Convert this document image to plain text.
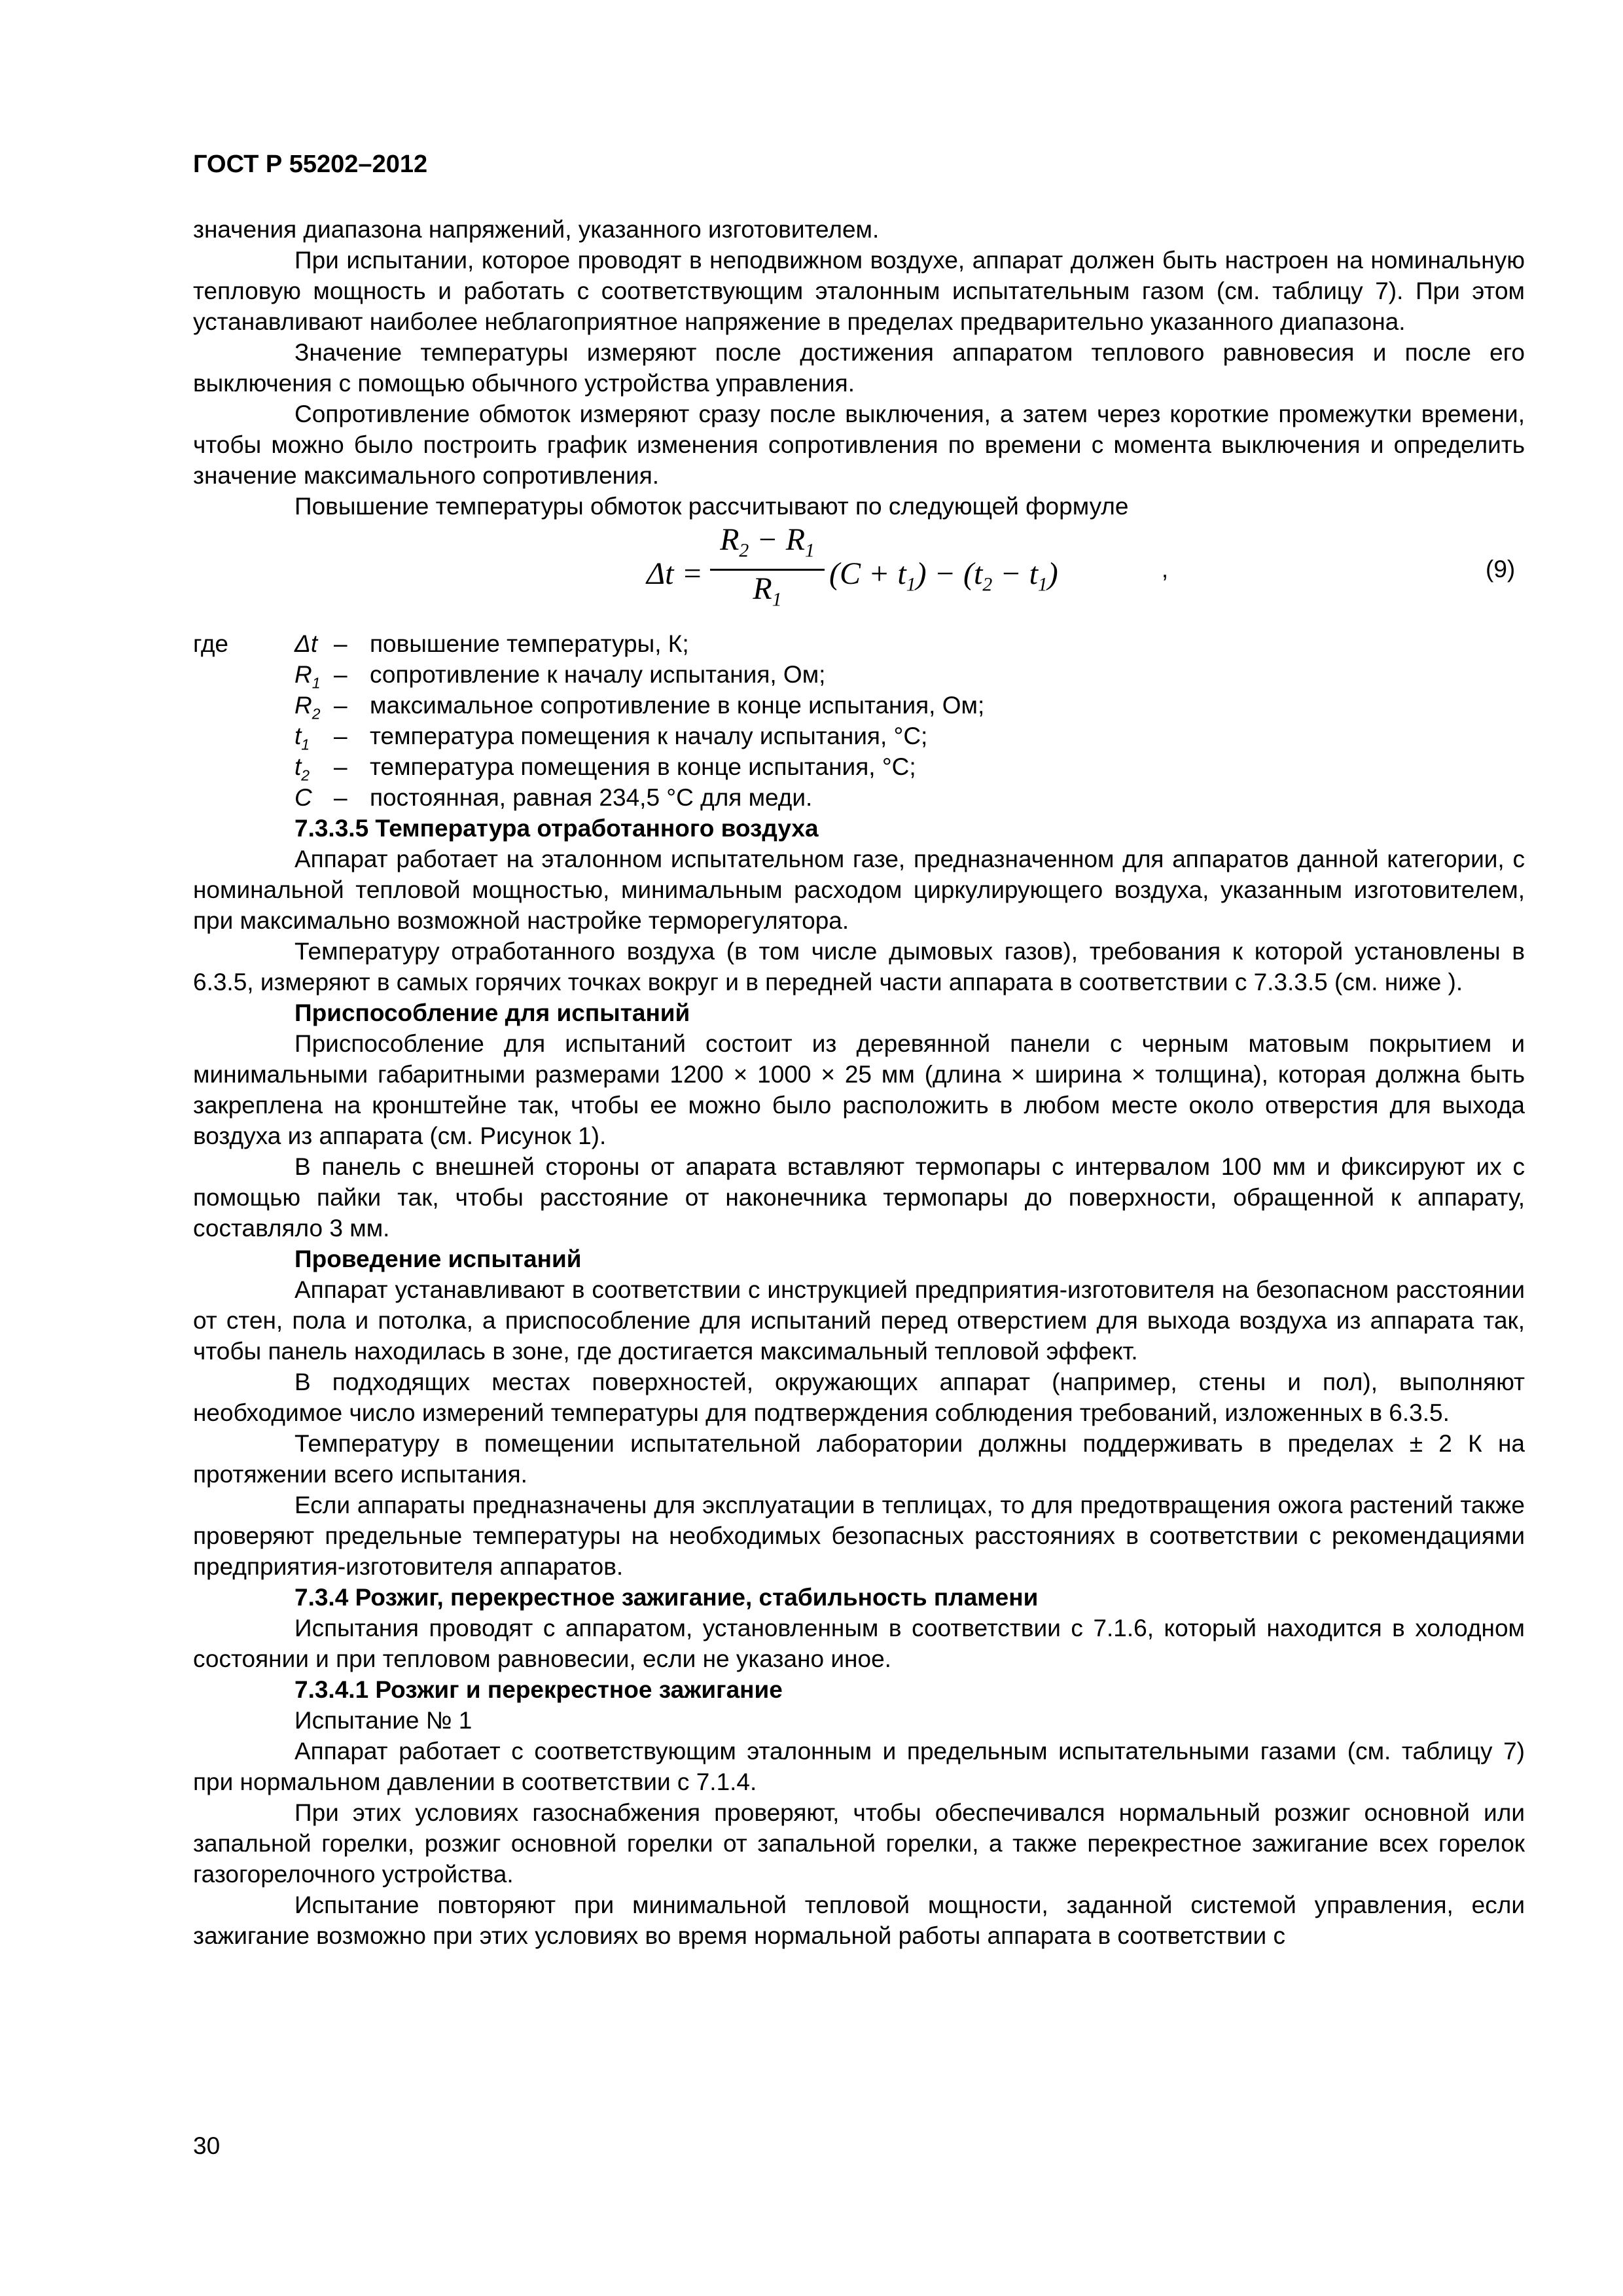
ГОСТ Р 55202–2012

значения диапазона напряжений, указанного изготовителем.

При испытании, которое проводят в неподвижном воздухе, аппарат должен быть настроен на номинальную тепловую мощность и работать с соответствующим эталонным испытательным газом (см. таблицу 7). При этом устанавливают наиболее неблагоприятное напряжение в пределах предварительно указанного диапазона.

Значение температуры измеряют после достижения аппаратом теплового равновесия и после его выключения с помощью обычного устройства управления.

Сопротивление обмоток измеряют сразу после выключения, а затем через короткие промежутки времени, чтобы можно было построить график изменения сопротивления по времени с момента выключения и определить значение максимального сопротивления.

Повышение температуры обмоток рассчитывают по следующей формуле

Δt =
$R_2 - R_1$
$R_1$
$(C + t_1) - (t_2 - t_1)$	,	(9)
где	Δt – повышение температуры, К;
$R_1$ – сопротивление к началу испытания, Ом;
$R_2$ – максимальное сопротивление в конце испытания, Ом;
$t_1$ – температура помещения к началу испытания, °С;
$t_2$ – температура помещения в конце испытания, °С;
C – постоянная, равная 234,5 °С для меди.

7.3.3.5 Температура отработанного воздуха

Аппарат работает на эталонном испытательном газе, предназначенном для аппаратов данной категории, с номинальной тепловой мощностью, минимальным расходом циркулирующего воздуха, указанным изготовителем, при максимально возможной настройке терморегулятора.

Температуру отработанного воздуха (в том числе дымовых газов), требования к которой установлены в 6.3.5, измеряют в самых горячих точках вокруг и в передней части аппарата в соответствии с 7.3.3.5 (см. ниже ).

Приспособление для испытаний

Приспособление для испытаний состоит из деревянной панели с черным матовым покрытием и минимальными габаритными размерами 1200 × 1000 × 25 мм (длина × ширина × толщина), которая должна быть закреплена на кронштейне так, чтобы ее можно было расположить в любом месте около отверстия для выхода воздуха из аппарата (см. Рисунок 1).

В панель с внешней стороны от апарата вставляют термопары с интервалом 100 мм и фиксируют их с помощью пайки так, чтобы расстояние от наконечника термопары до поверхности, обращенной к аппарату, составляло 3 мм.

Проведение испытаний

Аппарат устанавливают в соответствии с инструкцией предприятия-изготовителя на безопасном расстоянии от стен, пола и потолка, а приспособление для испытаний перед отверстием для выхода воздуха из аппарата так, чтобы панель находилась в зоне, где достигается максимальный тепловой эффект.

В подходящих местах поверхностей, окружающих аппарат (например, стены и пол), выполняют необходимое число измерений температуры для подтверждения соблюдения требований, изложенных в 6.3.5.

Температуру в помещении испытательной лаборатории должны поддерживать в пределах ± 2 К на протяжении всего испытания.

Если аппараты предназначены для эксплуатации в теплицах, то для предотвращения ожога растений также проверяют предельные температуры на необходимых безопасных расстояниях в соответствии с рекомендациями предприятия-изготовителя аппаратов.

7.3.4 Розжиг, перекрестное зажигание, стабильность пламени

Испытания проводят с аппаратом, установленным в соответствии с 7.1.6, который находится в холодном состоянии и при тепловом равновесии, если не указано иное.

7.3.4.1 Розжиг и перекрестное зажигание

Испытание № 1

Аппарат работает с соответствующим эталонным и предельным испытательными газами (см. таблицу 7) при нормальном давлении в соответствии с 7.1.4.

При этих условиях газоснабжения проверяют, чтобы обеспечивался нормальный розжиг основной или запальной горелки, розжиг основной горелки от запальной горелки, а также перекрестное зажигание всех горелок газогорелочного устройства.

Испытание повторяют при минимальной тепловой мощности, заданной системой управления, если зажигание возможно при этих условиях во время нормальной работы аппарата в соответствии с

30
